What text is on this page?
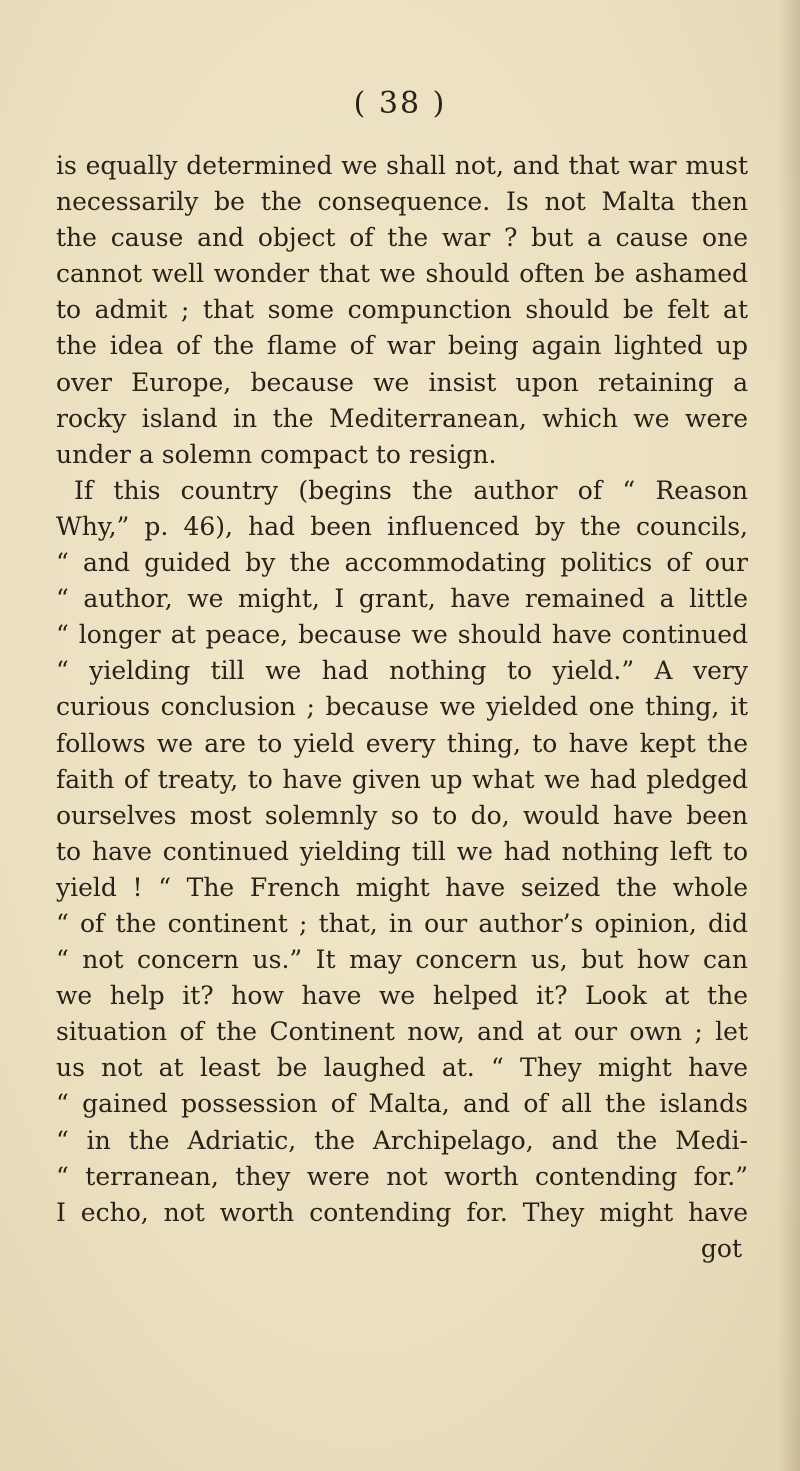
( 38 )
is equally determined we shall not, and that war must
necessarily be the consequence. Is not Malta then
the cause and object of the war ? but a cause one
cannot well wonder that we should often be ashamed
to admit ; that some compunction should be felt at
the idea of the flame of war being again lighted up
over Europe, because we insist upon retaining a
rocky island in the Mediterranean, which we were
under a solemn compact to resign.
If this country (begins the author of “ Reason
Why,” p. 46), had been influenced by the councils,
“ and guided by the accommodating politics of our
“ author, we might, I grant, have remained a little
“ longer at peace, because we should have continued
“ yielding till we had nothing to yield.” A very
curious conclusion ; because we yielded one thing, it
follows we are to yield every thing, to have kept the
faith of treaty, to have given up what we had pledged
ourselves most solemnly so to do, would have been
to have continued yielding till we had nothing left to
yield ! “ The French might have seized the whole
“ of the continent ; that, in our author’s opinion, did
“ not concern us.” It may concern us, but how can
we help it? how have we helped it? Look at the
situation of the Continent now, and at our own ; let
us not at least be laughed at. “ They might have
“ gained possession of Malta, and of all the islands
“ in the Adriatic, the Archipelago, and the Medi-
“ terranean, they were not worth contending for.”
I echo, not worth contending for. They might have
got
